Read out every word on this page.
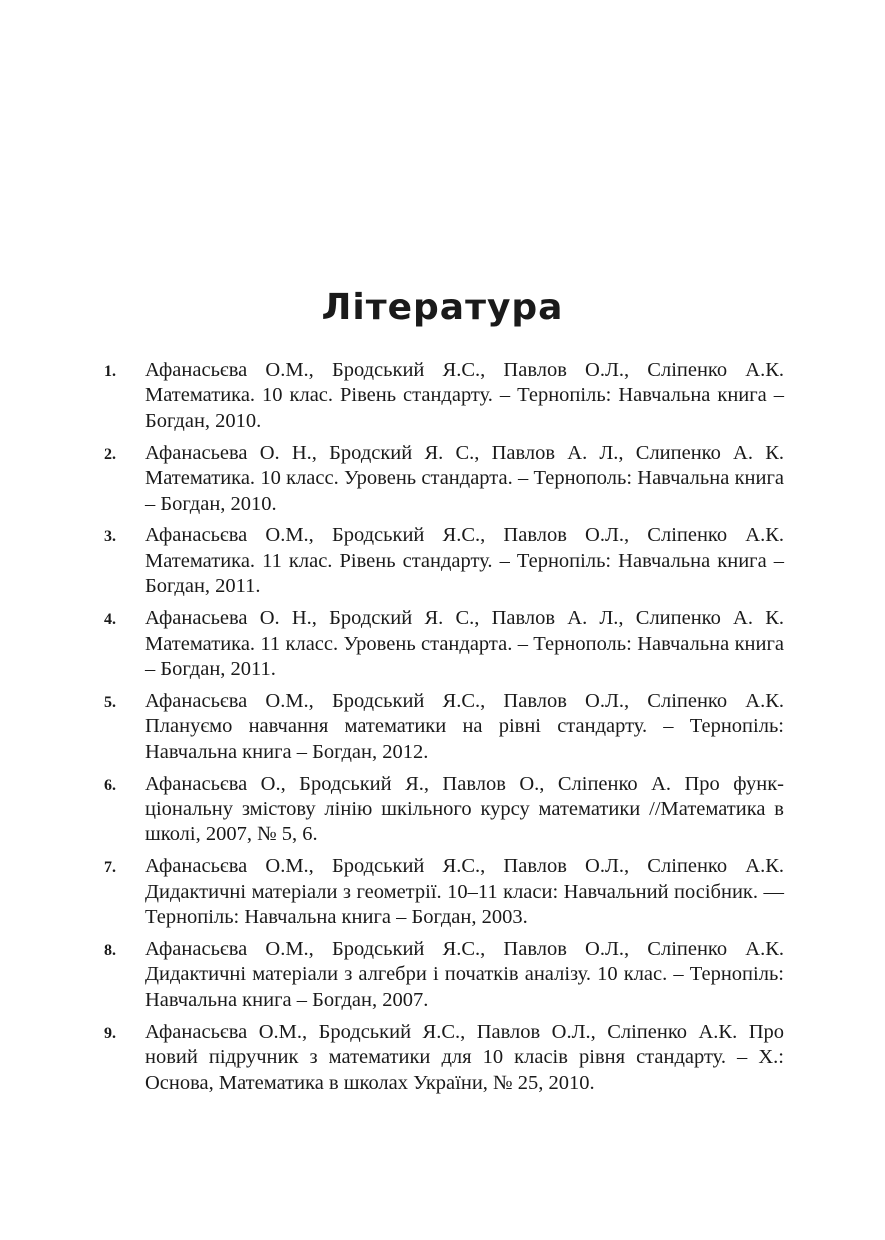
Література
1. Афанасьєва О.М., Бродський Я.С., Павлов О.Л., Сліпенко А.К. Математика. 10 клас. Рівень стандарту. – Тернопіль: Навчальна книга – Богдан, 2010.
2. Афанасьева О. Н., Бродский Я. С., Павлов А. Л., Слипенко А. К. Математика. 10 класс. Уровень стандарта. – Тернополь: Навчальна книга – Богдан, 2010.
3. Афанасьєва О.М., Бродський Я.С., Павлов О.Л., Сліпенко А.К. Математика. 11 клас. Рівень стандарту. – Тернопіль: Навчальна книга – Богдан, 2011.
4. Афанасьева О. Н., Бродский Я. С., Павлов А. Л., Слипенко А. К. Математика. 11 класс. Уровень стандарта. – Тернополь: Навчальна книга – Богдан, 2011.
5. Афанасьєва О.М., Бродський Я.С., Павлов О.Л., Сліпенко А.К. Плануємо навчання математики на рівні стандарту. – Тернопіль: Навчальна книга – Богдан, 2012.
6. Афанасьєва О., Бродський Я., Павлов О., Сліпенко А. Про функціональну змістову лінію шкільного курсу математики //Математика в школі, 2007, № 5, 6.
7. Афанасьєва О.М., Бродський Я.С., Павлов О.Л., Сліпенко А.К. Дидактичні матеріали з геометрії. 10–11 класи: Навчальний посібник. — Тернопіль: Навчальна книга – Богдан, 2003.
8. Афанасьєва О.М., Бродський Я.С., Павлов О.Л., Сліпенко А.К. Дидактичні матеріали з алгебри і початків аналізу. 10 клас. – Тернопіль: Навчальна книга – Богдан, 2007.
9. Афанасьєва О.М., Бродський Я.С., Павлов О.Л., Сліпенко А.К. Про новий підручник з математики для 10 класів рівня стандарту. – Х.: Основа, Математика в школах України, № 25, 2010.
